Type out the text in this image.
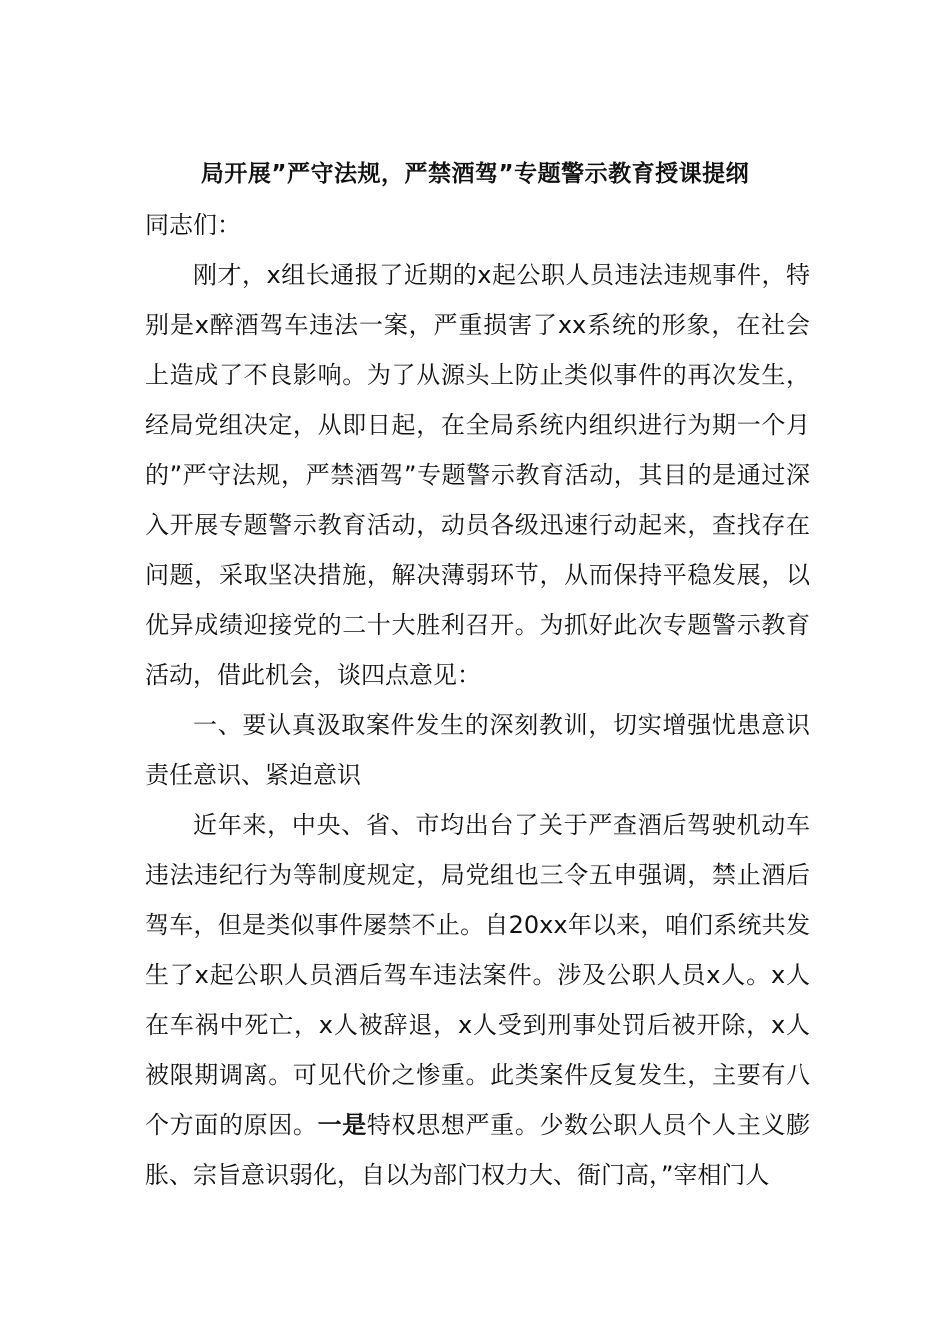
局开展”严守法规，严禁酒驾”专题警示教育授课提纲

同志们：

刚才，x组长通报了近期的x起公职人员违法违规事件，特别是x醉酒驾车违法一案，严重损害了xx系统的形象，在社会上造成了不良影响。为了从源头上防止类似事件的再次发生，经局党组决定，从即日起，在全局系统内组织进行为期一个月的”严守法规，严禁酒驾”专题警示教育活动，其目的是通过深入开展专题警示教育活动，动员各级迅速行动起来，查找存在问题，采取坚决措施，解决薄弱环节，从而保持平稳发展，以优异成绩迎接党的二十大胜利召开。为抓好此次专题警示教育活动，借此机会，谈四点意见：

一、要认真汲取案件发生的深刻教训，切实增强忧患意识责任意识、紧迫意识

近年来，中央、省、市均出台了关于严查酒后驾驶机动车违法违纪行为等制度规定，局党组也三令五申强调，禁止酒后驾车，但是类似事件屡禁不止。自20xx年以来，咱们系统共发生了x起公职人员酒后驾车违法案件。涉及公职人员x人。x人在车祸中死亡，x人被辞退，x人受到刑事处罚后被开除，x人被限期调离。可见代价之惨重。此类案件反复发生，主要有八个方面的原因。一是特权思想严重。少数公职人员个人主义膨胀、宗旨意识弱化，自以为部门权力大、衙门高，”宰相门人
